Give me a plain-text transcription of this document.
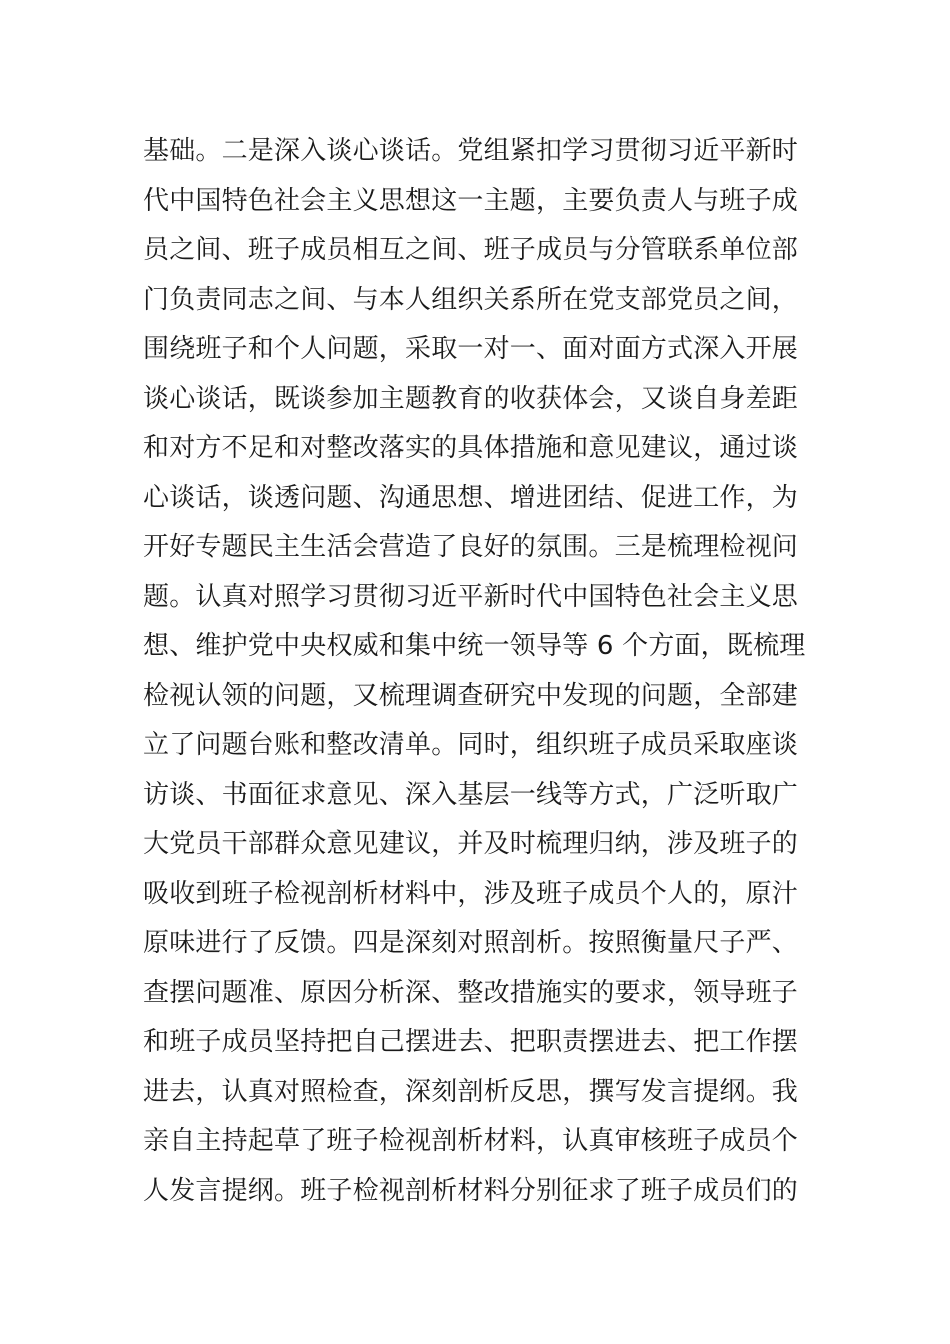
基础。二是深入谈心谈话。党组紧扣学习贯彻习近平新时
代中国特色社会主义思想这一主题，主要负责人与班子成
员之间、班子成员相互之间、班子成员与分管联系单位部
门负责同志之间、与本人组织关系所在党支部党员之间，
围绕班子和个人问题，采取一对一、面对面方式深入开展
谈心谈话，既谈参加主题教育的收获体会，又谈自身差距
和对方不足和对整改落实的具体措施和意见建议，通过谈
心谈话，谈透问题、沟通思想、增进团结、促进工作，为
开好专题民主生活会营造了良好的氛围。三是梳理检视问
题。认真对照学习贯彻习近平新时代中国特色社会主义思
想、维护党中央权威和集中统一领导等 6 个方面，既梳理
检视认领的问题，又梳理调查研究中发现的问题，全部建
立了问题台账和整改清单。同时，组织班子成员采取座谈
访谈、书面征求意见、深入基层一线等方式，广泛听取广
大党员干部群众意见建议，并及时梳理归纳，涉及班子的
吸收到班子检视剖析材料中，涉及班子成员个人的，原汁
原味进行了反馈。四是深刻对照剖析。按照衡量尺子严、
查摆问题准、原因分析深、整改措施实的要求，领导班子
和班子成员坚持把自己摆进去、把职责摆进去、把工作摆
进去，认真对照检查，深刻剖析反思，撰写发言提纲。我
亲自主持起草了班子检视剖析材料，认真审核班子成员个
人发言提纲。班子检视剖析材料分别征求了班子成员们的
